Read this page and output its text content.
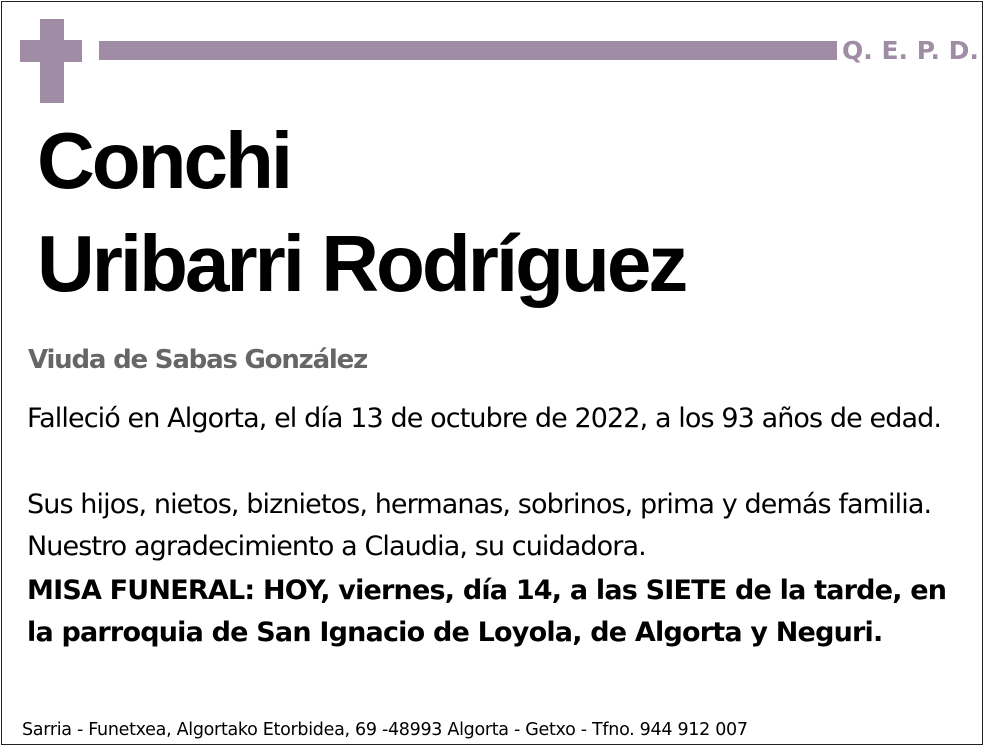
Q. E. P. D.
Conchi
Uribarri Rodríguez
Viuda de Sabas González

Falleció en Algorta, el día 13 de octubre de 2022, a los 93 años de edad.

Sus hijos, nietos, biznietos, hermanas, sobrinos, prima y demás familia. Nuestro agradecimiento a Claudia, su cuidadora.

MISA FUNERAL: HOY, viernes, día 14, a las SIETE de la tarde, en la parroquia de San Ignacio de Loyola, de Algorta y Neguri.

Sarria - Funetxea, Algortako Etorbidea, 69 -48993 Algorta - Getxo - Tfno. 944 912 007
